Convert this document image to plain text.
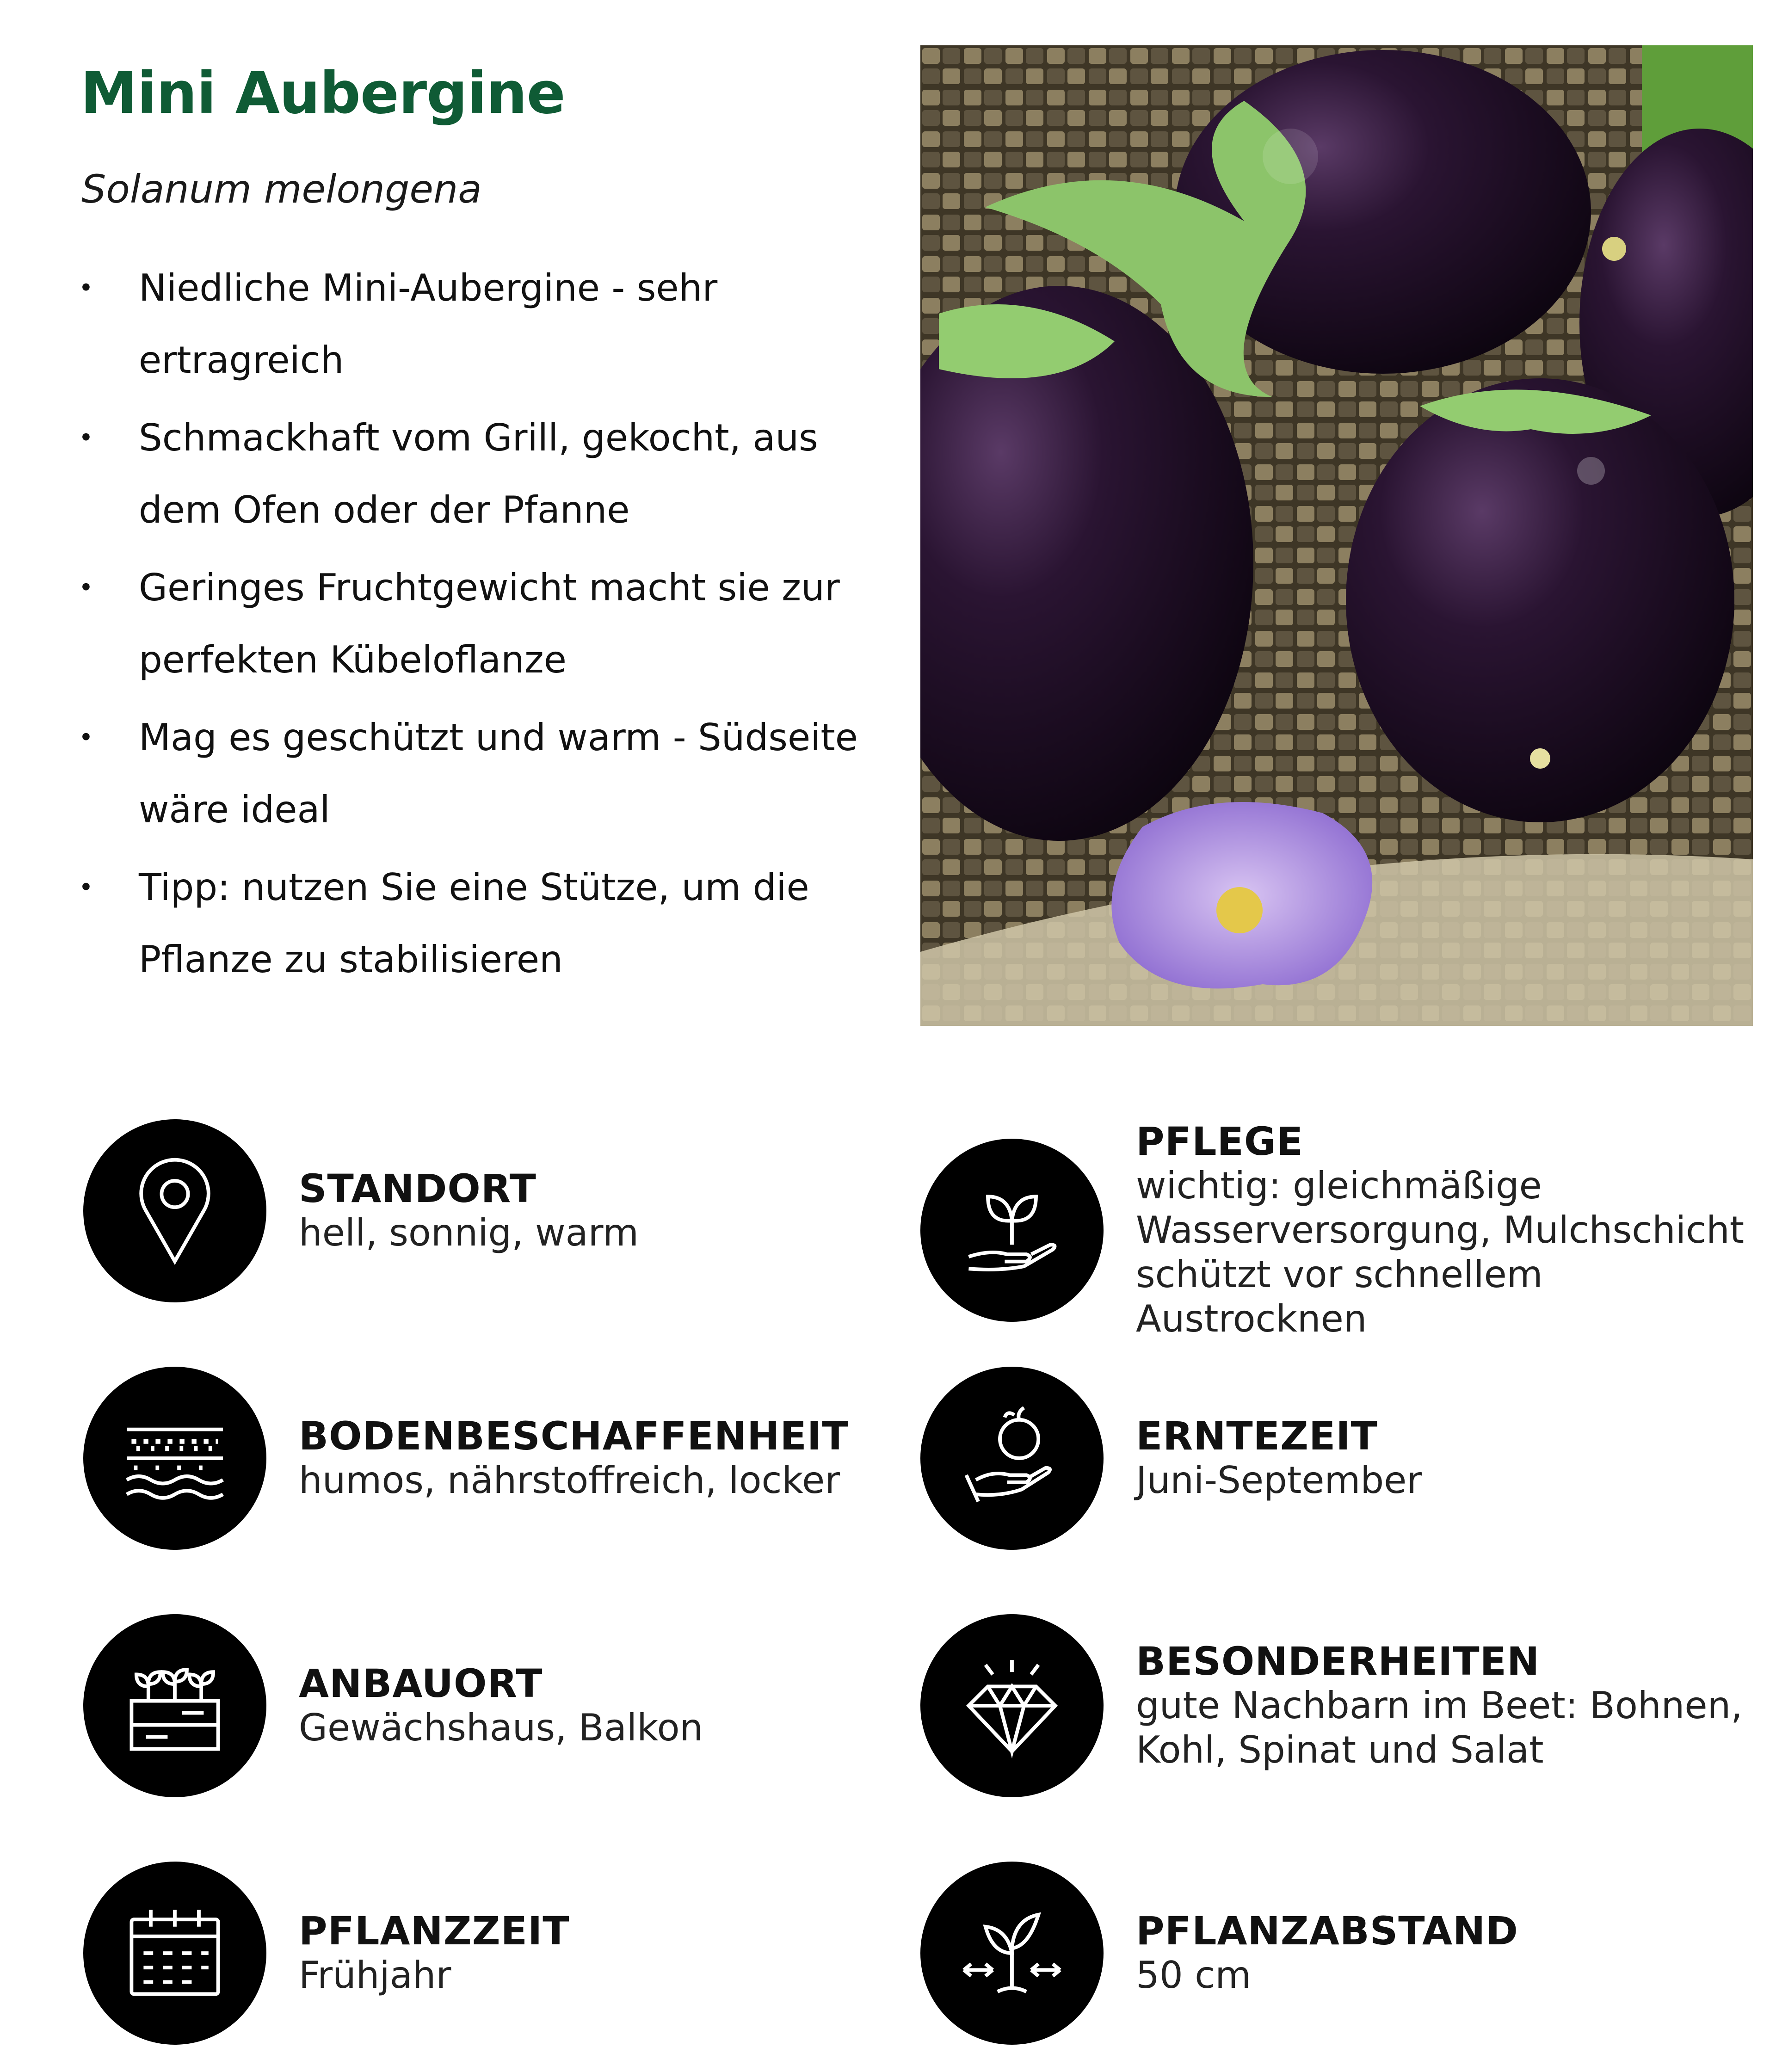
Mini Aubergine

Solanum melongena

• Niedliche Mini-Aubergine - sehr ertragreich
• Schmackhaft vom Grill, gekocht, aus dem Ofen oder der Pfanne
• Geringes Fruchtgewicht macht sie zur perfekten Kübeloflanze
• Mag es geschützt und warm - Südseite wäre ideal
• Tipp: nutzen Sie eine Stütze, um die Pflanze zu stabilisieren
STANDORT
hell, sonnig, warm
PFLEGE
wichtig: gleichmäßige
Wasserversorgung, Mulchschicht
schützt vor schnellem Austrocknen
BODENBESCHAFFENHEIT
humos, nährstoffreich, locker
ERNTEZEIT
Juni-September
ANBAUORT
Gewächshaus, Balkon
BESONDERHEITEN
gute Nachbarn im Beet: Bohnen,
Kohl, Spinat und Salat
PFLANZZEIT
Frühjahr
PFLANZABSTAND
50 cm
